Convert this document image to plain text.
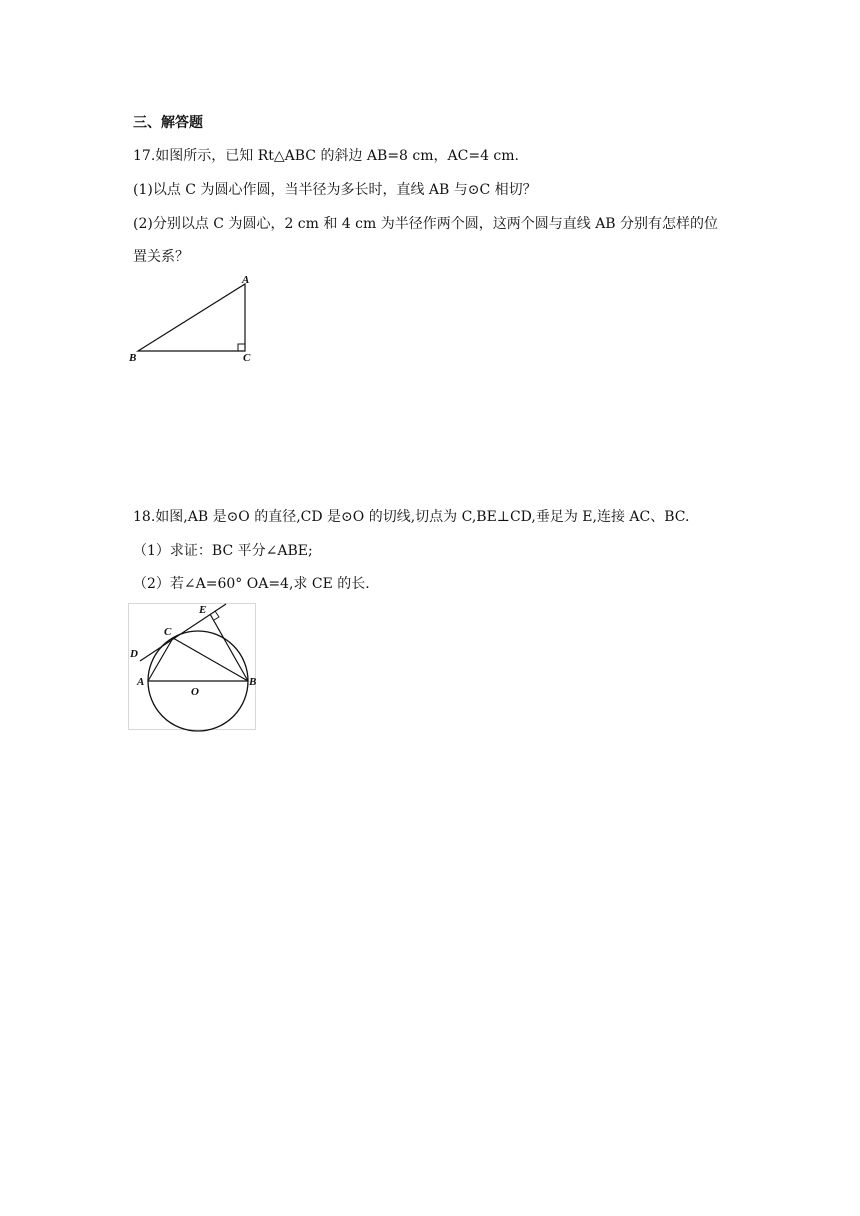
三、解答题
17.如图所示，已知 Rt△ABC 的斜边 AB=8 cm，AC=4 cm.
(1)以点 C 为圆心作圆，当半径为多长时，直线 AB 与⊙C 相切？
(2)分别以点 C 为圆心，2 cm 和 4 cm 为半径作两个圆，这两个圆与直线 AB 分别有怎样的位
置关系？
A
B	C
18.如图,AB 是⊙O 的直径,CD 是⊙O 的切线,切点为 C,BE⊥CD,垂足为 E,连接 AC、BC.
（1）求证：BC 平分∠ABE;
（2）若∠A=60° OA=4,求 CE 的长.
E
C
D
A
O
B
